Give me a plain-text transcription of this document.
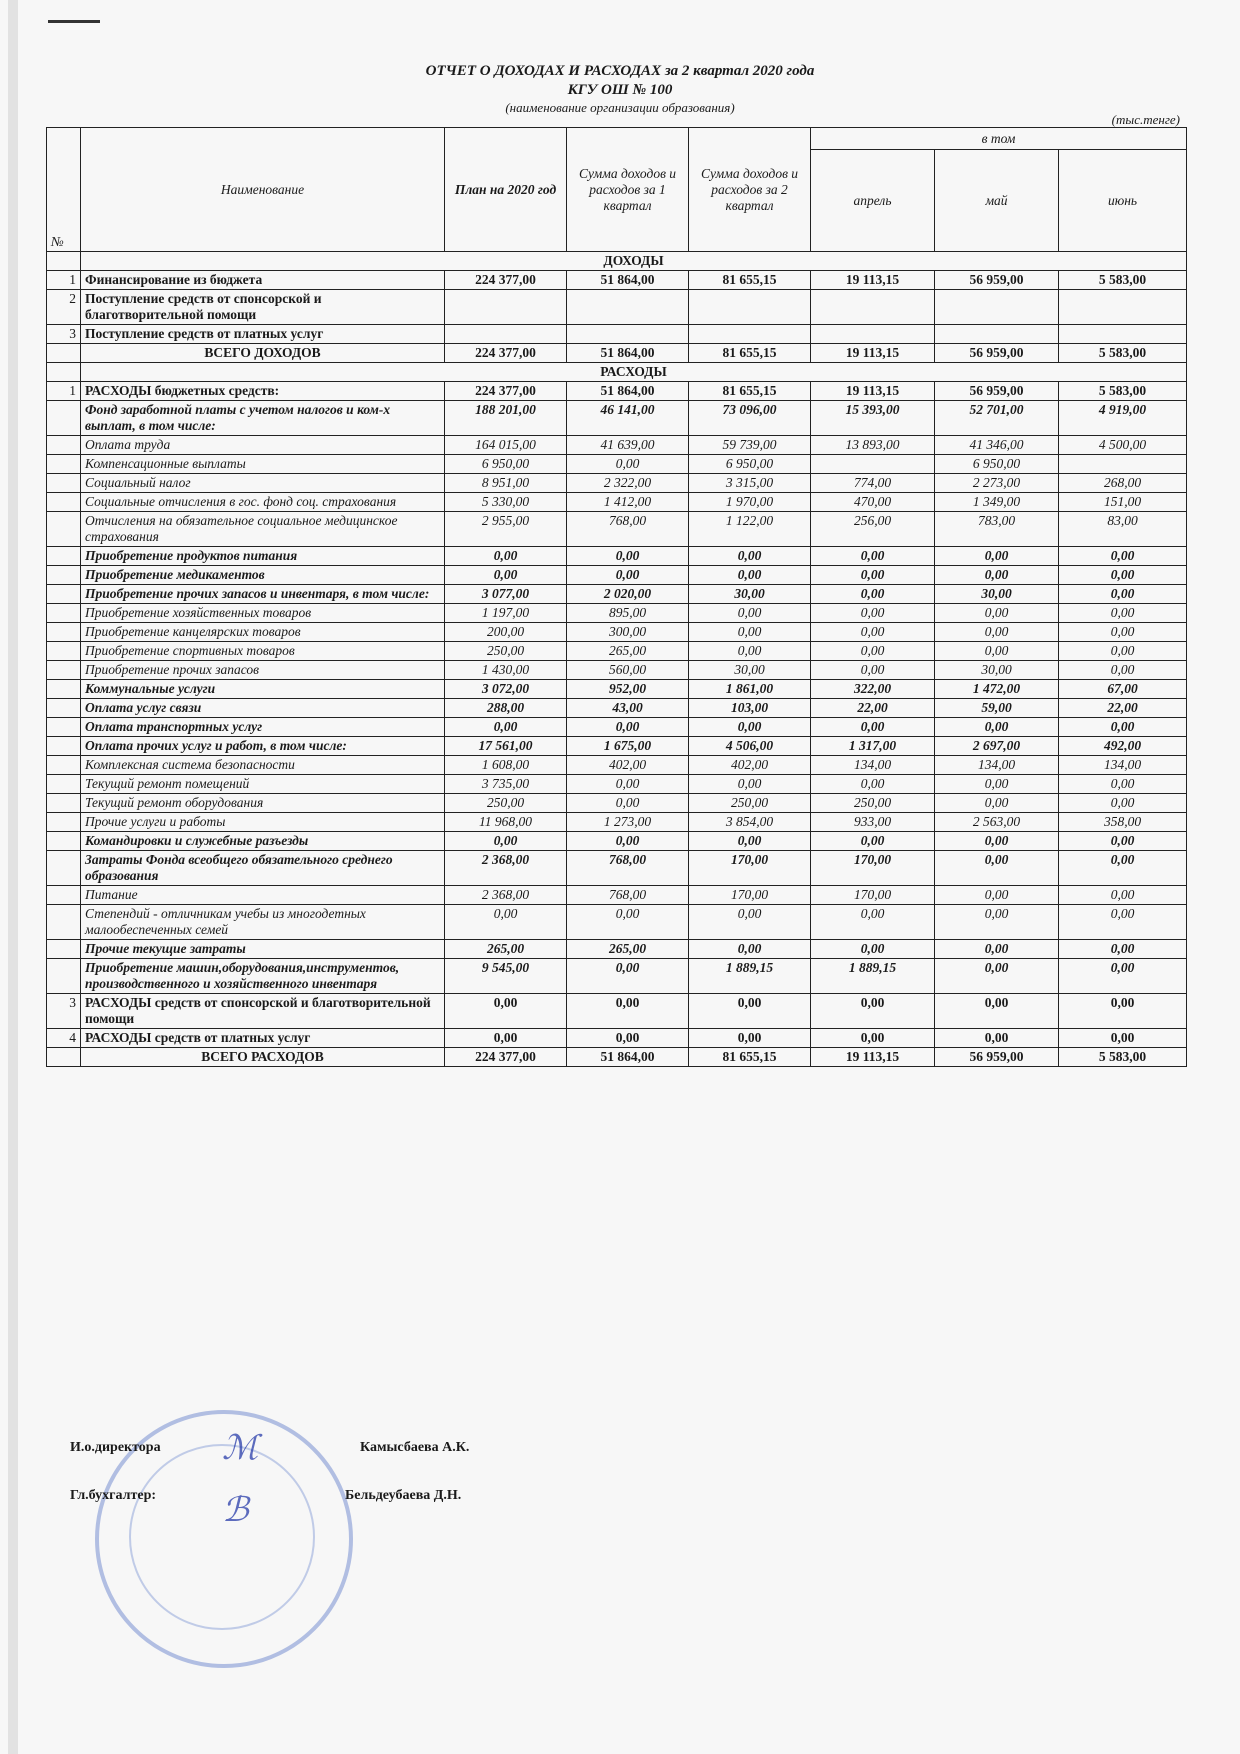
ОТЧЕТ О ДОХОДАХ И РАСХОДАХ за 2 квартал 2020 года
КГУ ОШ № 100
(наименование организации образования)
(тыс.тенге)
№	Наименование	План на 2020 год	Сумма доходов и расходов за 1 квартал	Сумма доходов и расходов за 2 квартал	в том		
					апрель	май	июнь
	ДОХОДЫ						
1	Финансирование из бюджета	224 377,00	51 864,00	81 655,15	19 113,15	56 959,00	5 583,00
2	Поступление средств от спонсорской и благотворительной помощи						
3	Поступление средств от платных услуг						
	ВСЕГО ДОХОДОВ	224 377,00	51 864,00	81 655,15	19 113,15	56 959,00	5 583,00
	РАСХОДЫ						
1	РАСХОДЫ бюджетных средств:	224 377,00	51 864,00	81 655,15	19 113,15	56 959,00	5 583,00
	Фонд заработной платы с учетом налогов и ком-х выплат, в том числе:	188 201,00	46 141,00	73 096,00	15 393,00	52 701,00	4 919,00
	Оплата труда	164 015,00	41 639,00	59 739,00	13 893,00	41 346,00	4 500,00
	Компенсационные выплаты	6 950,00	0,00	6 950,00		6 950,00	
	Социальный налог	8 951,00	2 322,00	3 315,00	774,00	2 273,00	268,00
	Социальные отчисления в гос. фонд соц. страхования	5 330,00	1 412,00	1 970,00	470,00	1 349,00	151,00
	Отчисления на обязательное социальное медицинское страхования	2 955,00	768,00	1 122,00	256,00	783,00	83,00
	Приобретение продуктов питания	0,00	0,00	0,00	0,00	0,00	0,00
	Приобретение медикаментов	0,00	0,00	0,00	0,00	0,00	0,00
	Приобретение прочих запасов и инвентаря, в том числе:	3 077,00	2 020,00	30,00	0,00	30,00	0,00
	Приобретение хозяйственных товаров	1 197,00	895,00	0,00	0,00	0,00	0,00
	Приобретение канцелярских товаров	200,00	300,00	0,00	0,00	0,00	0,00
	Приобретение спортивных товаров	250,00	265,00	0,00	0,00	0,00	0,00
	Приобретение прочих запасов	1 430,00	560,00	30,00	0,00	30,00	0,00
	Коммунальные услуги	3 072,00	952,00	1 861,00	322,00	1 472,00	67,00
	Оплата услуг связи	288,00	43,00	103,00	22,00	59,00	22,00
	Оплата транспортных услуг	0,00	0,00	0,00	0,00	0,00	0,00
	Оплата прочих услуг и работ, в том числе:	17 561,00	1 675,00	4 506,00	1 317,00	2 697,00	492,00
	Комплексная система безопасности	1 608,00	402,00	402,00	134,00	134,00	134,00
	Текущий ремонт помещений	3 735,00	0,00	0,00	0,00	0,00	0,00
	Текущий ремонт оборудования	250,00	0,00	250,00	250,00	0,00	0,00
	Прочие услуги и работы	11 968,00	1 273,00	3 854,00	933,00	2 563,00	358,00
	Командировки и служебные разъезды	0,00	0,00	0,00	0,00	0,00	0,00
	Затраты Фонда всеобщего обязательного среднего образования	2 368,00	768,00	170,00	170,00	0,00	0,00
	Питание	2 368,00	768,00	170,00	170,00	0,00	0,00
	Степендий - отличникам учебы из многодетных малообеспеченных семей	0,00	0,00	0,00	0,00	0,00	0,00
	Прочие текущие затраты	265,00	265,00	0,00	0,00	0,00	0,00
	Приобретение машин,оборудования,инструментов, производственного и хозяйственного инвентаря	9 545,00	0,00	1 889,15	1 889,15	0,00	0,00
3	РАСХОДЫ средств от спонсорской и благотворительной помощи	0,00	0,00	0,00	0,00	0,00	0,00
4	РАСХОДЫ средств от платных услуг	0,00	0,00	0,00	0,00	0,00	0,00
	ВСЕГО РАСХОДОВ	224 377,00	51 864,00	81 655,15	19 113,15	56 959,00	5 583,00
ℳ
ℬ
И.о.директора	Камысбаева А.К.
Гл.бухгалтер:	Бельдеубаева Д.Н.
